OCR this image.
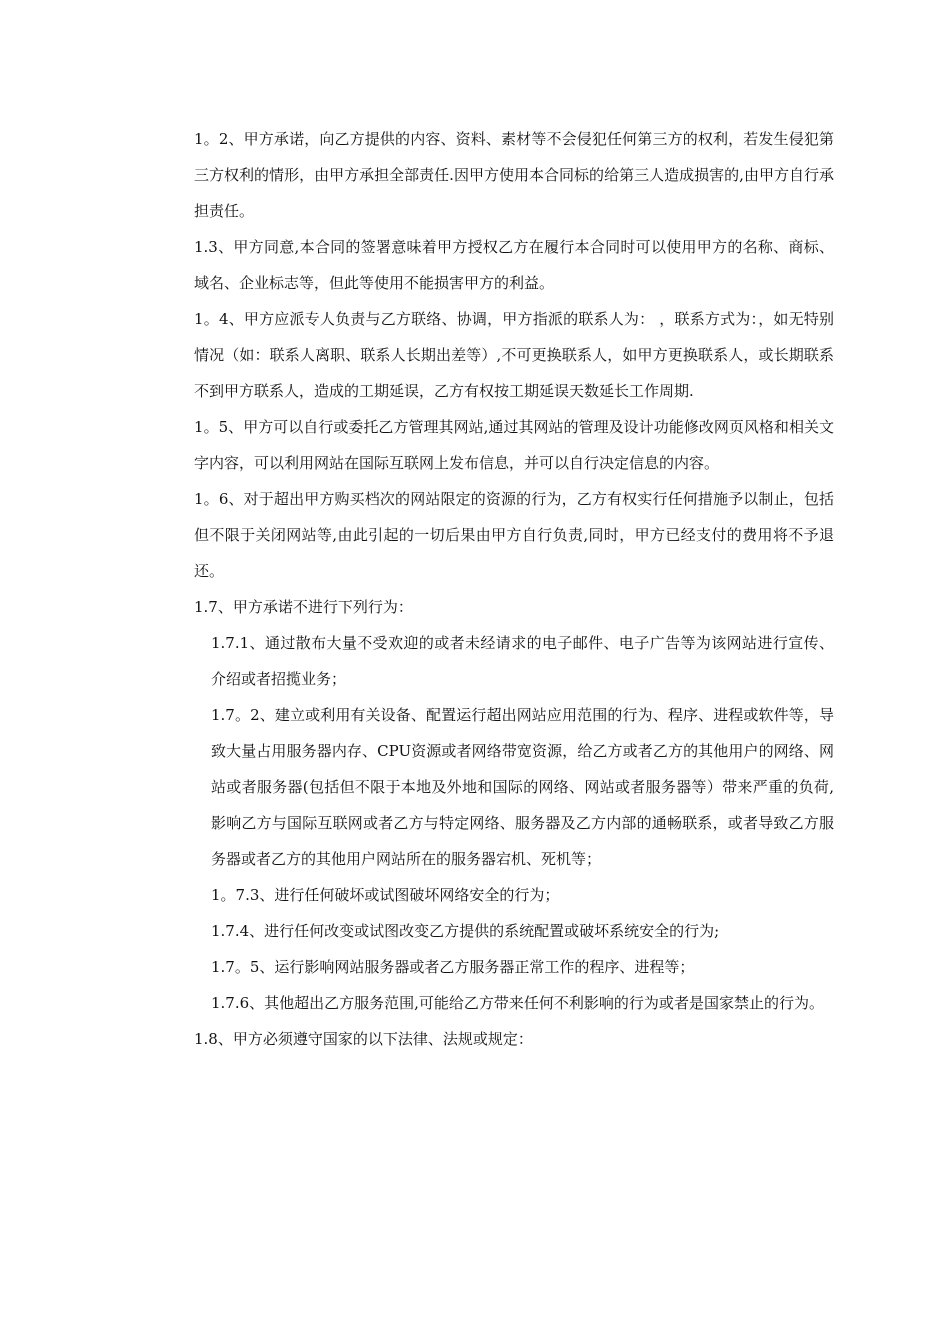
1。2、甲方承诺，向乙方提供的内容、资料、素材等不会侵犯任何第三方的权利，若发生侵犯第三方权利的情形，由甲方承担全部责任.因甲方使用本合同标的给第三人造成损害的,由甲方自行承担责任。

1.3、甲方同意,本合同的签署意味着甲方授权乙方在履行本合同时可以使用甲方的名称、商标、域名、企业标志等，但此等使用不能损害甲方的利益。

1。4、甲方应派专人负责与乙方联络、协调，甲方指派的联系人为： ，联系方式为：，如无特别情况（如：联系人离职、联系人长期出差等）,不可更换联系人，如甲方更换联系人，或长期联系不到甲方联系人，造成的工期延误，乙方有权按工期延误天数延长工作周期.

1。5、甲方可以自行或委托乙方管理其网站,通过其网站的管理及设计功能修改网页风格和相关文字内容，可以利用网站在国际互联网上发布信息，并可以自行决定信息的内容。

1。6、对于超出甲方购买档次的网站限定的资源的行为，乙方有权实行任何措施予以制止，包括但不限于关闭网站等,由此引起的一切后果由甲方自行负责,同时，甲方已经支付的费用将不予退还。

1.7、甲方承诺不进行下列行为：

1.7.1、通过散布大量不受欢迎的或者未经请求的电子邮件、电子广告等为该网站进行宣传、介绍或者招揽业务；

1.7。2、建立或利用有关设备、配置运行超出网站应用范围的行为、程序、进程或软件等，导致大量占用服务器内存、CPU资源或者网络带宽资源，给乙方或者乙方的其他用户的网络、网站或者服务器(包括但不限于本地及外地和国际的网络、网站或者服务器等）带来严重的负荷,影响乙方与国际互联网或者乙方与特定网络、服务器及乙方内部的通畅联系，或者导致乙方服务器或者乙方的其他用户网站所在的服务器宕机、死机等；

1。7.3、进行任何破坏或试图破坏网络安全的行为；

1.7.4、进行任何改变或试图改变乙方提供的系统配置或破坏系统安全的行为;

1.7。5、运行影响网站服务器或者乙方服务器正常工作的程序、进程等；

1.7.6、其他超出乙方服务范围,可能给乙方带来任何不利影响的行为或者是国家禁止的行为。

1.8、甲方必须遵守国家的以下法律、法规或规定：
